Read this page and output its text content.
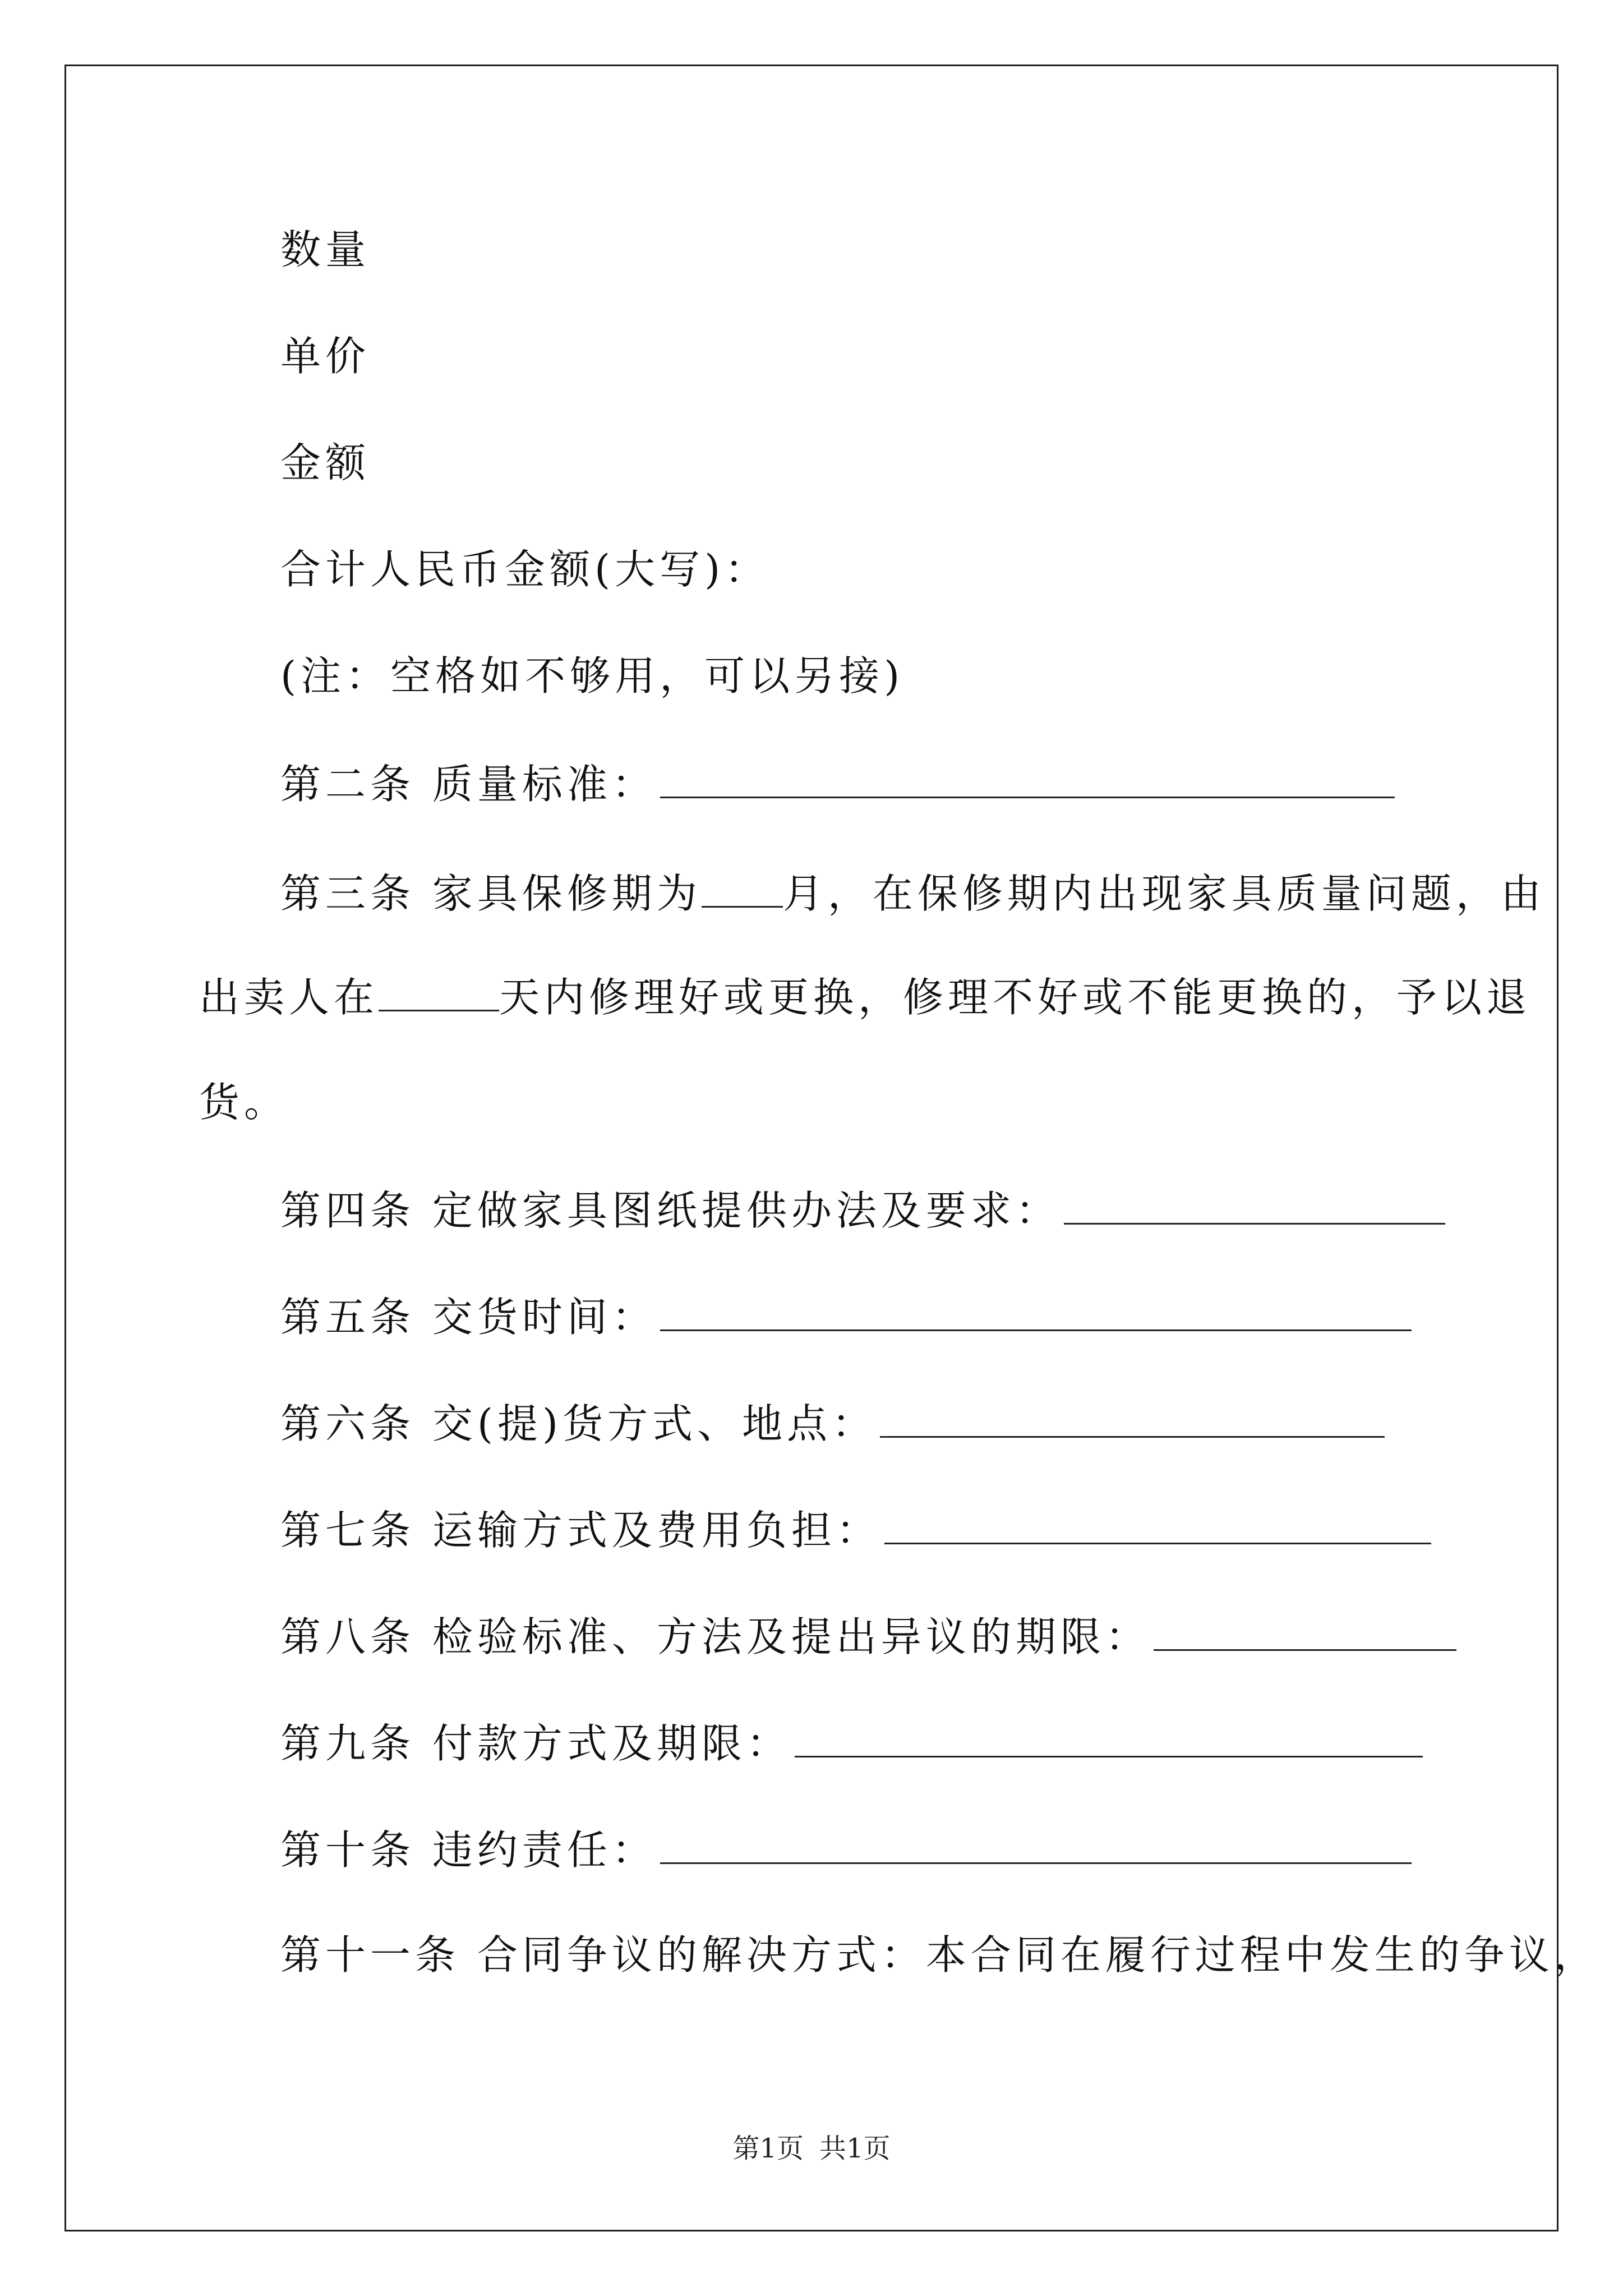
数量
单价
金额
合计人民币金额(大写)：
(注：空格如不够用，可以另接)
第二条 质量标准：
第三条 家具保修期为 月，在保修期内出现家具质量问题，由
出卖人在	天内修理好或更换，修理不好或不能更换的，予以退
货。
第四条 定做家具图纸提供办法及要求：
第五条 交货时间：
第六条 交(提)货方式、地点：
第七条 运输方式及费用负担：
第八条 检验标准、方法及提出异议的期限：
第九条 付款方式及期限：
第十条 违约责任：
第十一条 合同争议的解决方式：本合同在履行过程中发生的争议，
第1页 共1页
